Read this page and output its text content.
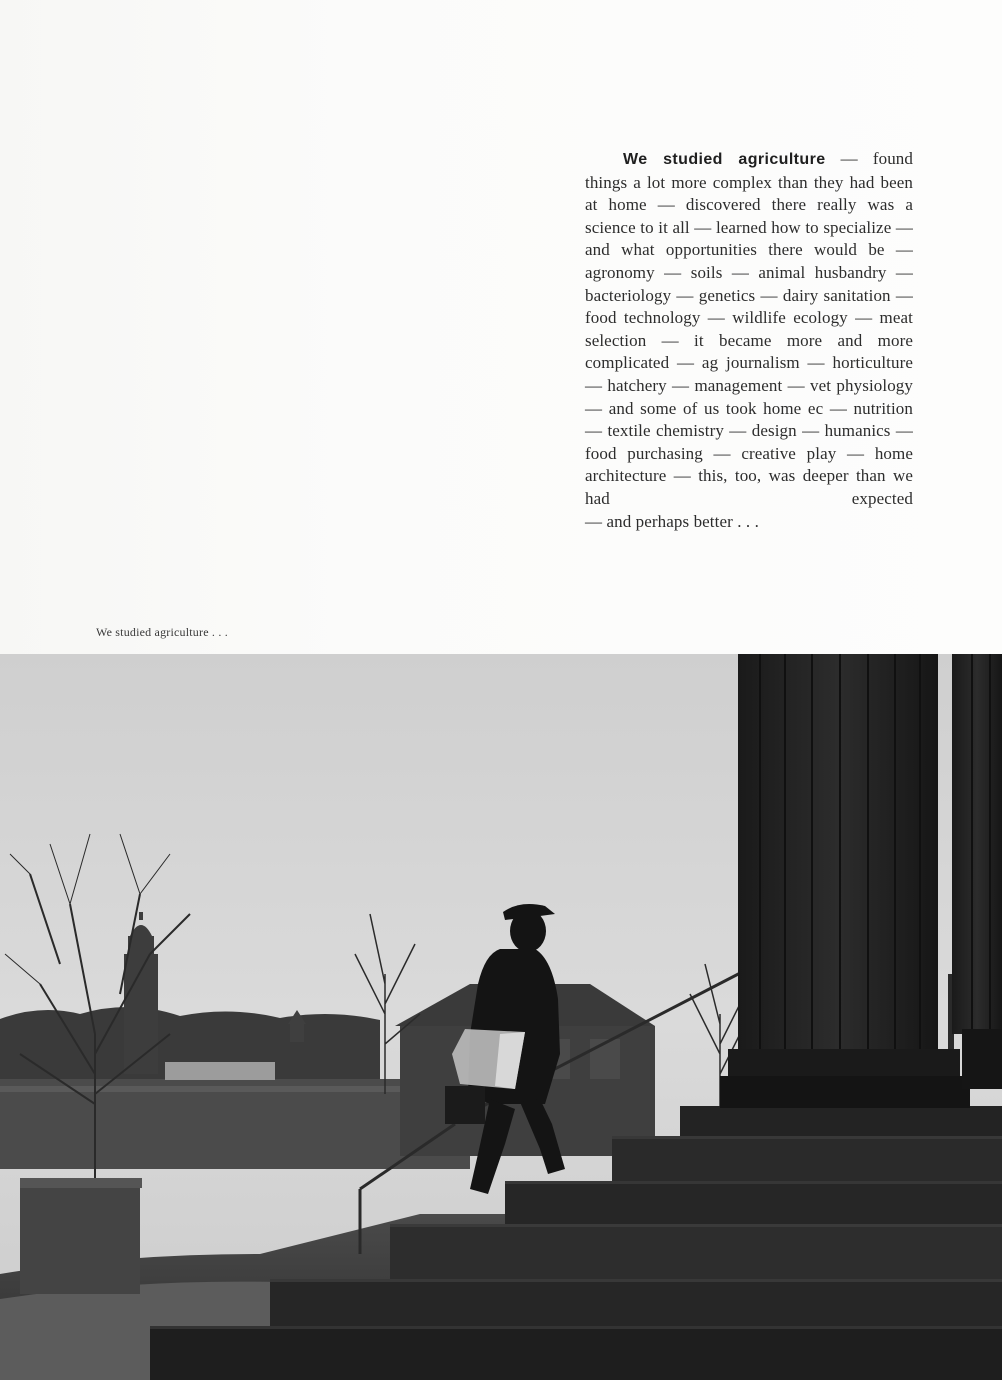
We studied agriculture — found things a lot more complex than they had been at home — discovered there really was a science to it all — learned how to specialize — and what opportunities there would be — agronomy — soils — animal husbandry — bacteriology — genetics — dairy sanitation — food technology — wildlife ecology — meat selection — it became more and more complicated — ag journalism — horticulture — hatchery — management — vet physiology — and some of us took home ec — nutrition — textile chemistry — design — humanics — food purchasing — creative play — home architecture — this, too, was deeper than we had expected
— and perhaps better . . .
We studied agriculture . . .
